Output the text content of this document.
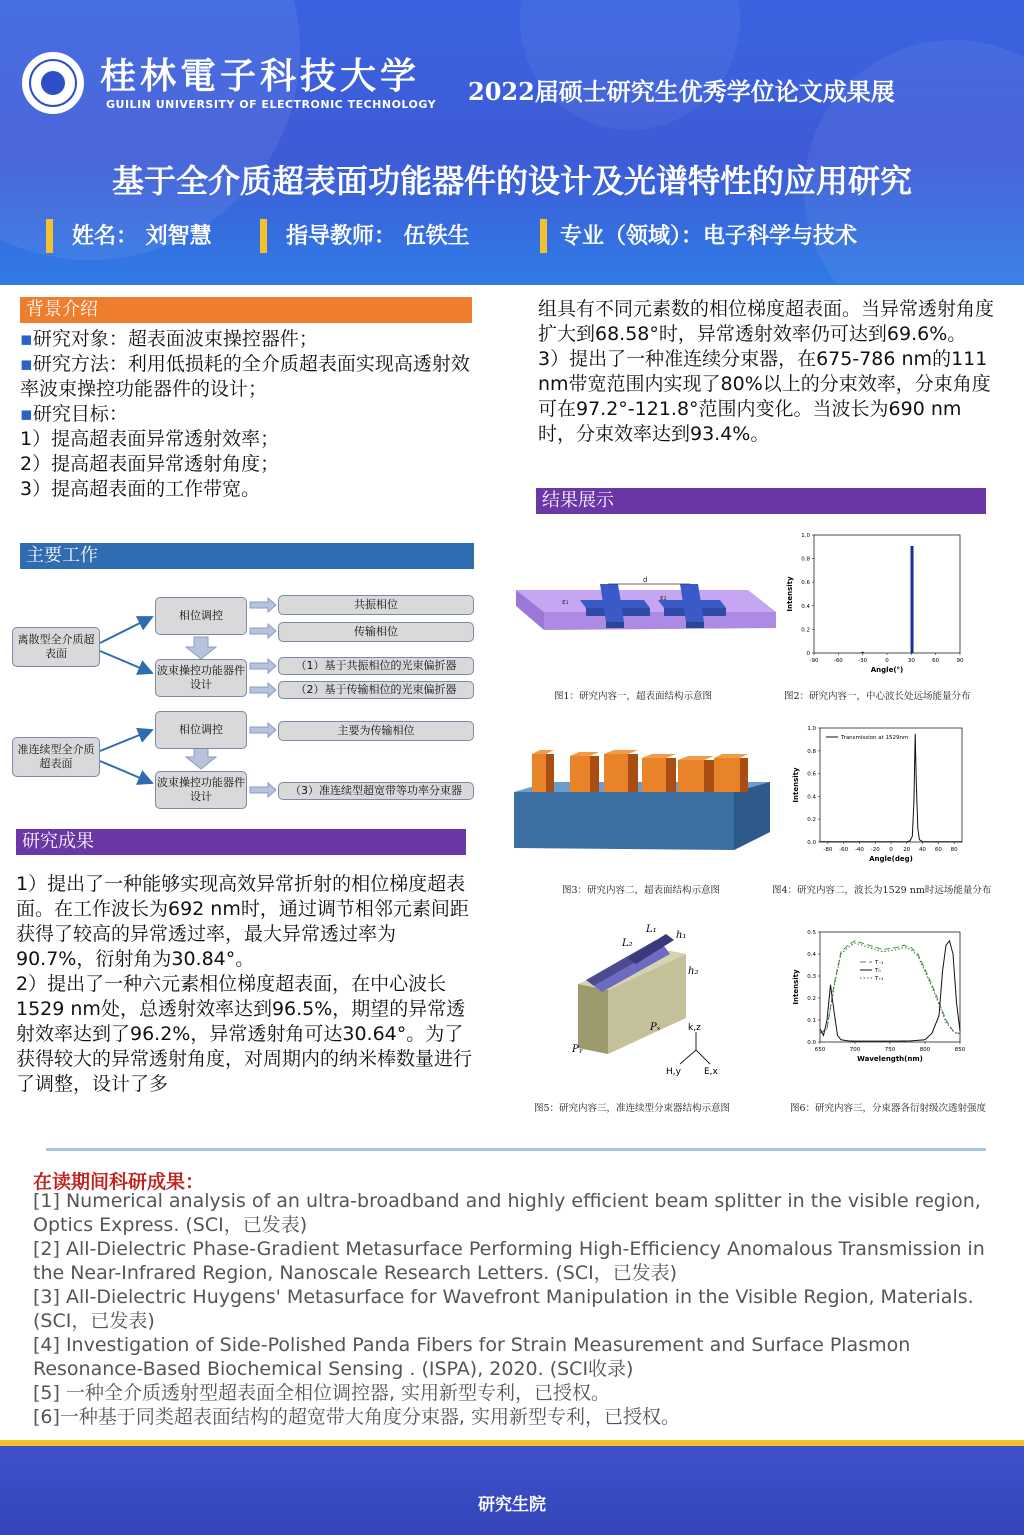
桂林電子科技大学
GUILIN UNIVERSITY OF ELECTRONIC TECHNOLOGY 2022届硕士研究生优秀学位论文成果展
基于全介质超表面功能器件的设计及光谱特性的应用研究
姓名： 刘智慧	指导教师： 伍铁生	专业（领域）：电子科学与技术
背景介绍

▪研究对象：超表面波束操控器件；

▪研究方法：利用低损耗的全介质超表面实现高透射效率波束操控功能器件的设计；

▪研究目标：

1）提高超表面异常透射效率；

2）提高超表面异常透射角度；

3）提高超表面的工作带宽。

主要工作
离散型全介质超表面
相位调控
波束操控功能器件设计
共振相位
传输相位
（1）基于共振相位的光束偏折器
（2）基于传输相位的光束偏折器
准连续型全介质超表面
相位调控
波束操控功能器件设计
主要为传输相位
（3）准连续型超宽带等功率分束器
研究成果

1）提出了一种能够实现高效异常折射的相位梯度超表面。在工作波长为692 nm时，通过调节相邻元素间距获得了较高的异常透过率，最大异常透过率为90.7%，衍射角为30.84°。

2）提出了一种六元素相位梯度超表面，在中心波长1529 nm处，总透射效率达到96.5%，期望的异常透射效率达到了96.2%，异常透射角可达30.64°。为了获得较大的异常透射角度，对周期内的纳米棒数量进行了调整，设计了多

组具有不同元素数的相位梯度超表面。当异常透射角度扩大到68.58°时，异常透射效率仍可达到69.6%。

3）提出了一种准连续分束器，在675-786 nm的111 nm带宽范围内实现了80%以上的分束效率，分束角度可在97.2°-121.8°范围内变化。当波长为690 nm时，分束效率达到93.4%。

结果展示
d
ε₁	ε₂
图1：研究内容一，超表面结构示意图
-90	-60	-30	0	30	60	90
0
0.2
0.4
0.6
0.8
1.0
Angle(°)
Intensity
图2：研究内容一，中心波长处远场能量分布
图3：研究内容二，超表面结构示意图
-80 -60 -40 -20 0 20 40 60 80
0.0
0.2
0.4
0.6
0.8
1.0
Angle(deg)
Intensity
Transmission at 1529nm
图4：研究内容二，波长为1529 nm时远场能量分布
L₁
L₂
h₁
h₂
Pₓ
Pᵧ
k,z
H,y	E,x
图5：研究内容三，准连续型分束器结构示意图
650	700	750	800	850
0.0
0.1
0.2
0.3
0.4
0.5
Wavelength(nm)
Intensity
T₋₁
T₀
T₊₁
图6：研究内容三，分束器各衍射级次透射强度
在读期间科研成果：

[1] Numerical analysis of an ultra-broadband and highly efficient beam splitter in the visible region, Optics Express. (SCI，已发表)

[2] All-Dielectric Phase-Gradient Metasurface Performing High-Efficiency Anomalous Transmission in the Near-Infrared Region, Nanoscale Research Letters. (SCI，已发表)

[3] All-Dielectric Huygens' Metasurface for Wavefront Manipulation in the Visible Region, Materials. (SCI，已发表)

[4] Investigation of Side-Polished Panda Fibers for Strain Measurement and Surface Plasmon Resonance-Based Biochemical Sensing . (ISPA), 2020. (SCI收录)

[5] 一种全介质透射型超表面全相位调控器, 实用新型专利，已授权。

[6]一种基于同类超表面结构的超宽带大角度分束器, 实用新型专利，已授权。

研究生院
